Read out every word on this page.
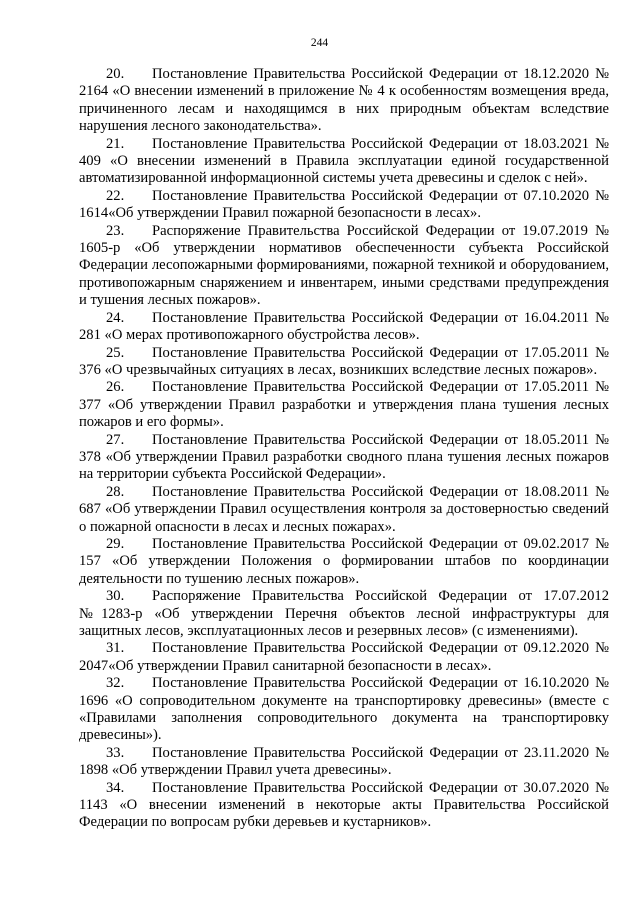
244

20. Постановление Правительства Российской Федерации от 18.12.2020 № 2164 «О внесении изменений в приложение № 4 к особенностям возмещения вреда, причиненного лесам и находящимся в них природным объектам вследствие нарушения лесного законодательства».

21. Постановление Правительства Российской Федерации от 18.03.2021 № 409 «О внесении изменений в Правила эксплуатации единой государственной автоматизированной информационной системы учета древесины и сделок с ней».

22. Постановление Правительства Российской Федерации от 07.10.2020 № 1614«Об утверждении Правил пожарной безопасности в лесах».

23. Распоряжение Правительства Российской Федерации от 19.07.2019 № 1605-р «Об утверждении нормативов обеспеченности субъекта Российской Федерации лесопожарными формированиями, пожарной техникой и оборудованием, противопожарным снаряжением и инвентарем, иными средствами предупреждения и тушения лесных пожаров».

24. Постановление Правительства Российской Федерации от 16.04.2011 № 281 «О мерах противопожарного обустройства лесов».

25. Постановление Правительства Российской Федерации от 17.05.2011 № 376 «О чрезвычайных ситуациях в лесах, возникших вследствие лесных пожаров».

26. Постановление Правительства Российской Федерации от 17.05.2011 № 377 «Об утверждении Правил разработки и утверждения плана тушения лесных пожаров и его формы».

27. Постановление Правительства Российской Федерации от 18.05.2011 № 378 «Об утверждении Правил разработки сводного плана тушения лесных пожаров на территории субъекта Российской Федерации».

28. Постановление Правительства Российской Федерации от 18.08.2011 № 687 «Об утверждении Правил осуществления контроля за достоверностью сведений о пожарной опасности в лесах и лесных пожарах».

29. Постановление Правительства Российской Федерации от 09.02.2017 № 157 «Об утверждении Положения о формировании штабов по координации деятельности по тушению лесных пожаров».

30. Распоряжение Правительства Российской Федерации от 17.07.2012 №1283-р «Об утверждении Перечня объектов лесной инфраструктуры для защитных лесов, эксплуатационных лесов и резервных лесов» (с изменениями).

31. Постановление Правительства Российской Федерации от 09.12.2020 № 2047«Об утверждении Правил санитарной безопасности в лесах».

32. Постановление Правительства Российской Федерации от 16.10.2020 № 1696 «О сопроводительном документе на транспортировку древесины» (вместе с «Правилами заполнения сопроводительного документа на транспортировку древесины»).

33. Постановление Правительства Российской Федерации от 23.11.2020 № 1898 «Об утверждении Правил учета древесины».

34. Постановление Правительства Российской Федерации от 30.07.2020 № 1143 «О внесении изменений в некоторые акты Правительства Российской Федерации по вопросам рубки деревьев и кустарников».
